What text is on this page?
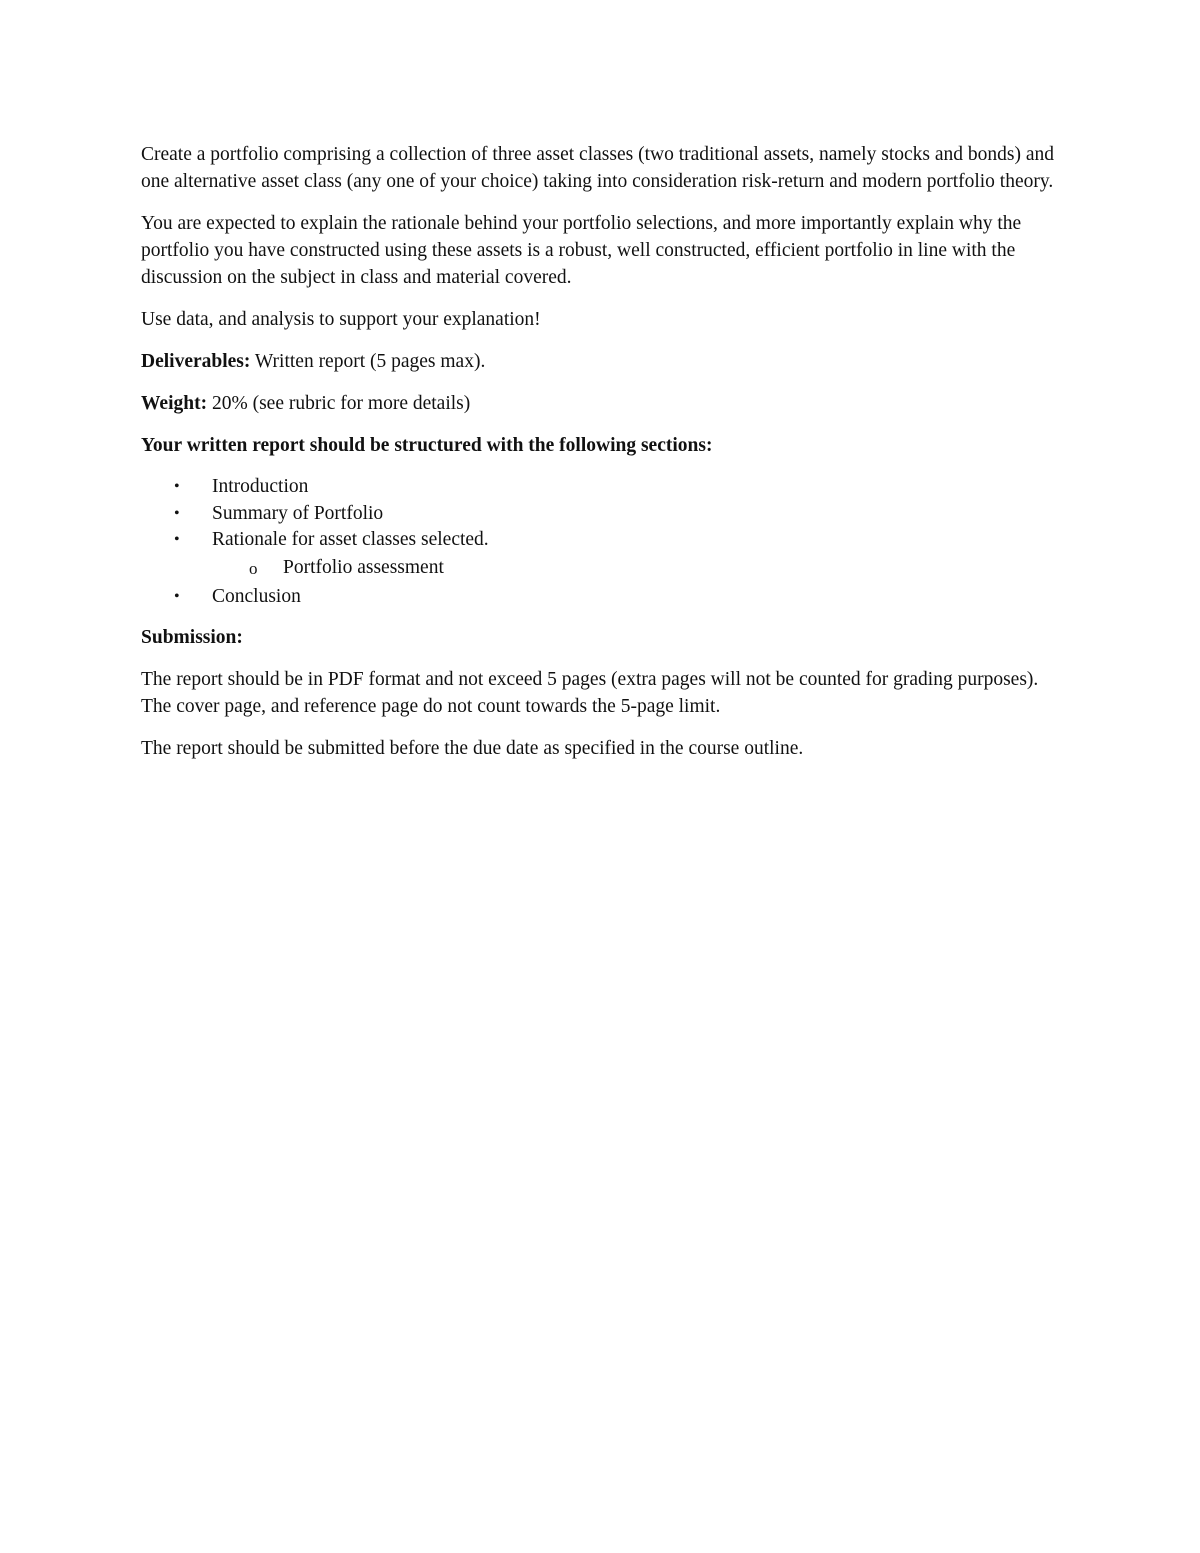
Create a portfolio comprising a collection of three asset classes (two traditional assets, namely stocks and bonds) and one alternative asset class (any one of your choice) taking into consideration risk-return and modern portfolio theory.

You are expected to explain the rationale behind your portfolio selections, and more importantly explain why the portfolio you have constructed using these assets is a robust, well constructed, efficient portfolio in line with the discussion on the subject in class and material covered.

Use data, and analysis to support your explanation!

Deliverables: Written report (5 pages max).

Weight: 20% (see rubric for more details)

Your written report should be structured with the following sections:

• Introduction
• Summary of Portfolio
• Rationale for asset classes selected.
o Portfolio assessment
• Conclusion

Submission:

The report should be in PDF format and not exceed 5 pages (extra pages will not be counted for grading purposes). The cover page, and reference page do not count towards the 5-page limit.

The report should be submitted before the due date as specified in the course outline.
